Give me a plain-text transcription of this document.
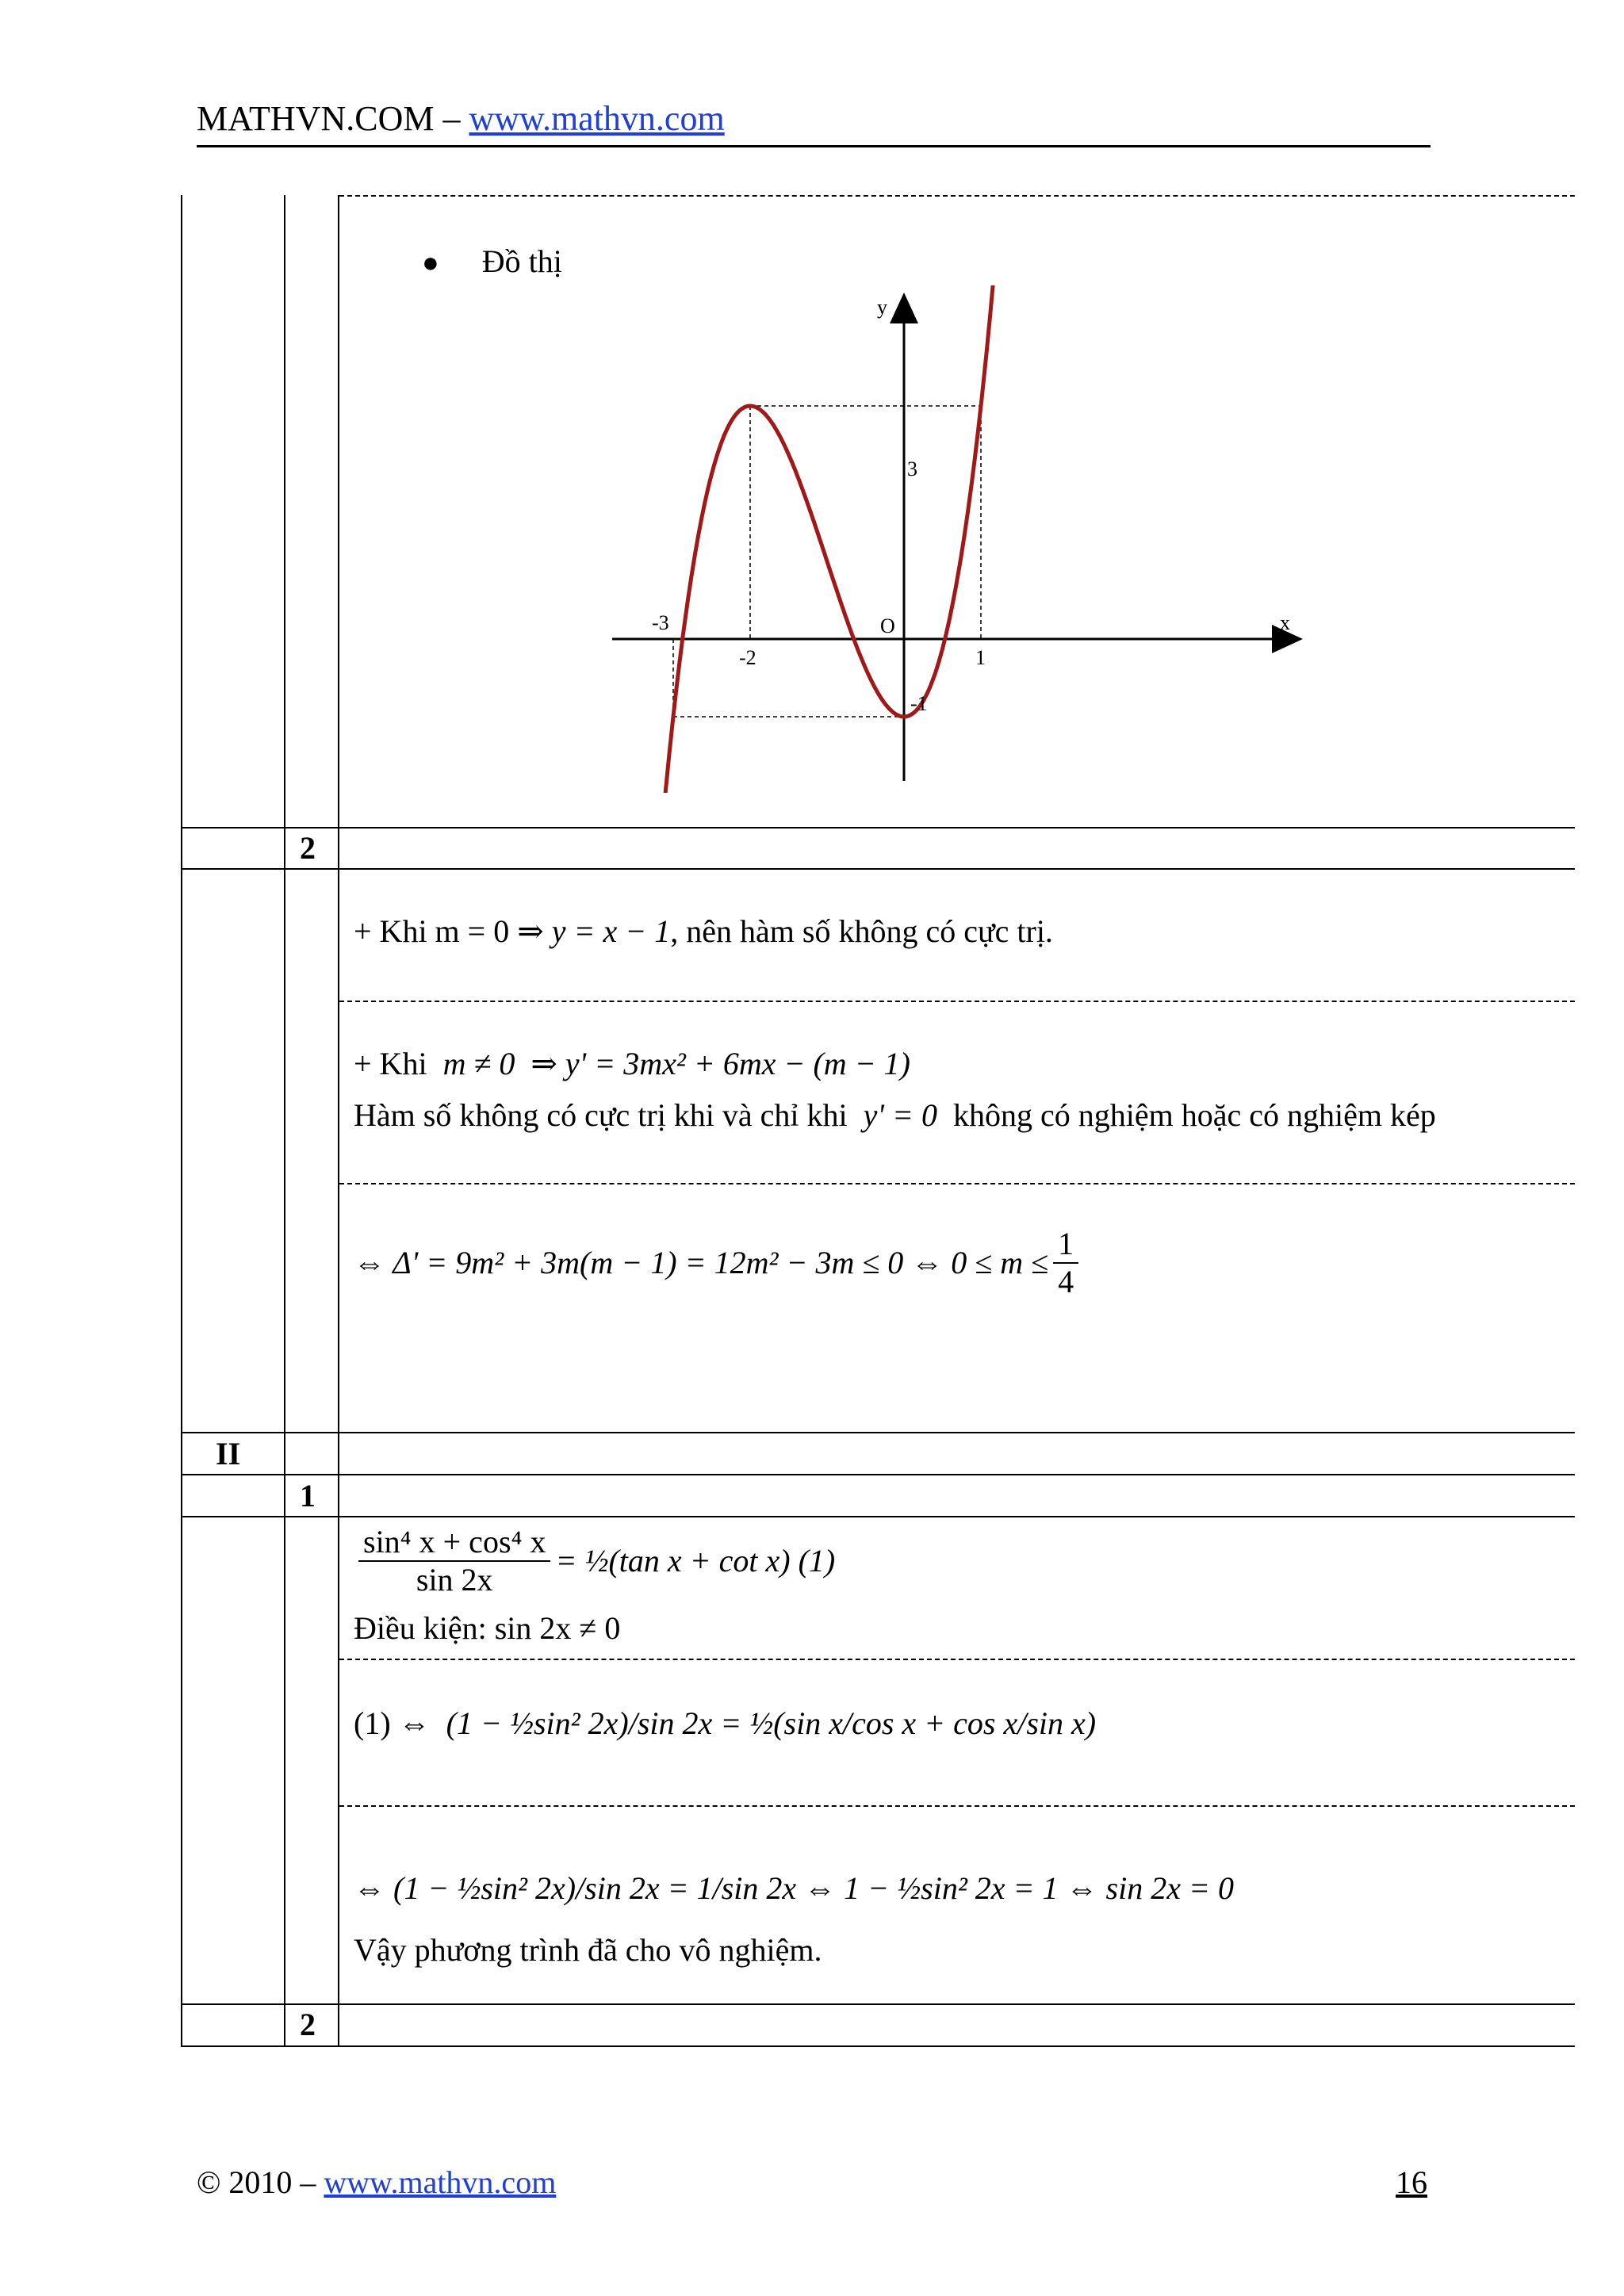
MATHVN.COM – www.mathvn.com
● Đồ thị
y
x
O
-3
-2	1
3
-1
2
+ Khi m = 0 ⇒ y = x − 1, nên hàm số không có cực trị.
+ Khi m ≠ 0  ⇒ y' = 3mx² + 6mx − (m − 1)
Hàm số không có cực trị khi và chỉ khi y' = 0 không có nghiệm hoặc có nghiệm kép
⇔ Δ' = 9m² + 3m(m − 1) = 12m² − 3m ≤ 0 ⇔ $0 \le m \le \frac{1}{4}$
II
1
$\frac{\text{sin⁴ x + cos⁴ x}}{\sin 2x}$ = ½(tan x + cot x) (1)
Điều kiện: sin 2x ≠ 0
(1) ⇔ (1 − ½sin² 2x)/sin 2x = ½(sin x/cos x + cos x/sin x)
⇔ (1 − ½sin² 2x)/sin 2x = 1/sin 2x ⇔ 1 − ½sin² 2x = 1 ⇔ sin 2x = 0
Vậy phương trình đã cho vô nghiệm.
2
© 2010 – www.mathvn.com	16
